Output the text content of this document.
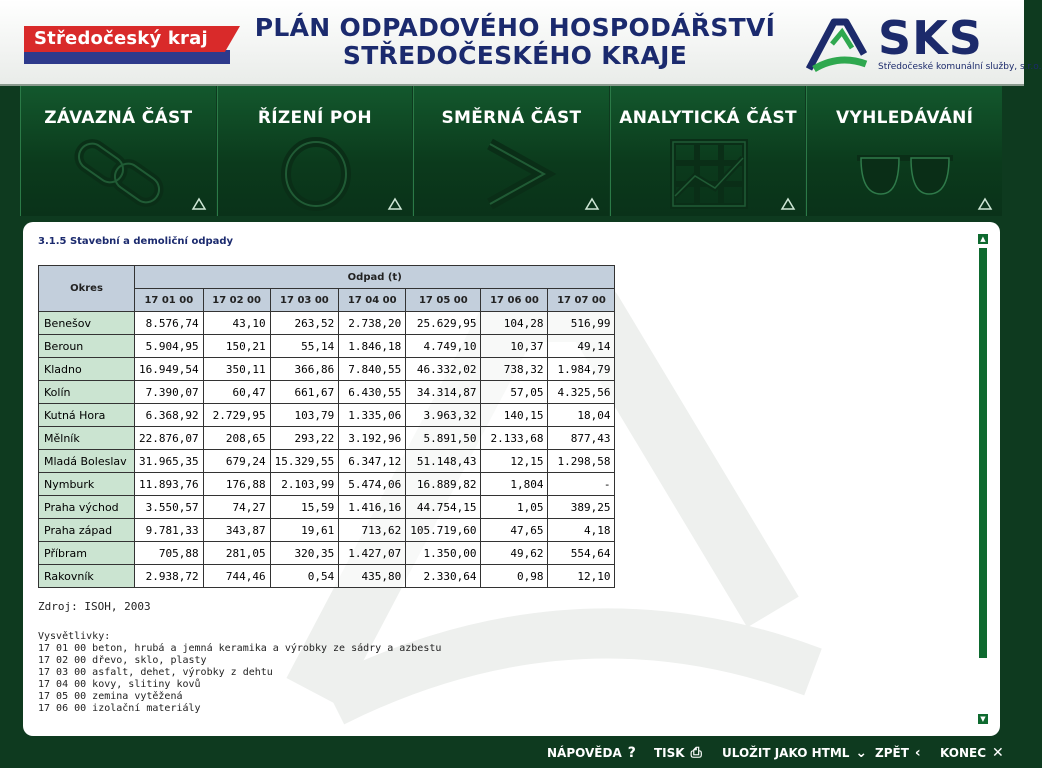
Středočeský kraj PLÁN ODPADOVÉHO HOSPODÁŘSTVÍ
STŘEDOČESKÉHO KRAJE	SKS
Středočeské komunální služby, s.r.o.
ZÁVAZNÁ ČÁST	ŘÍZENÍ POH	SMĚRNÁ ČÁST	ANALYTICKÁ ČÁST	VYHLEDÁVÁNÍ
3.1.5 Stavební a demoliční odpady
Okres	Odpad (t)						
	17 01 00	17 02 00	17 03 00	17 04 00	17 05 00	17 06 00	17 07 00
Benešov	8.576,74	43,10	263,52	2.738,20	25.629,95	104,28	516,99
Beroun	5.904,95	150,21	55,14	1.846,18	4.749,10	10,37	49,14
Kladno	16.949,54	350,11	366,86	7.840,55	46.332,02	738,32	1.984,79
Kolín	7.390,07	60,47	661,67	6.430,55	34.314,87	57,05	4.325,56
Kutná Hora	6.368,92	2.729,95	103,79	1.335,06	3.963,32	140,15	18,04
Mělník	22.876,07	208,65	293,22	3.192,96	5.891,50	2.133,68	877,43
Mladá Boleslav	31.965,35	679,24	15.329,55	6.347,12	51.148,43	12,15	1.298,58
Nymburk	11.893,76	176,88	2.103,99	5.474,06	16.889,82	1,804	-
Praha východ	3.550,57	74,27	15,59	1.416,16	44.754,15	1,05	389,25
Praha západ	9.781,33	343,87	19,61	713,62	105.719,60	47,65	4,18
Příbram	705,88	281,05	320,35	1.427,07	1.350,00	49,62	554,64
Rakovník	2.938,72	744,46	0,54	435,80	2.330,64	0,98	12,10
Zdroj: ISOH, 2003
Vysvětlivky:
17 01 00 beton, hrubá a jemná keramika a výrobky ze sádry a azbestu
17 02 00 dřevo, sklo, plasty
17 03 00 asfalt, dehet, výrobky z dehtu
17 04 00 kovy, slitiny kovů
17 05 00 zemina vytěžená
17 06 00 izolační materiály
▲
▼
NÁPOVĚDA ? TISK ⎙ ULOŽIT JAKO HTML ⌄ ZPĚT ‹ KONEC ✕
